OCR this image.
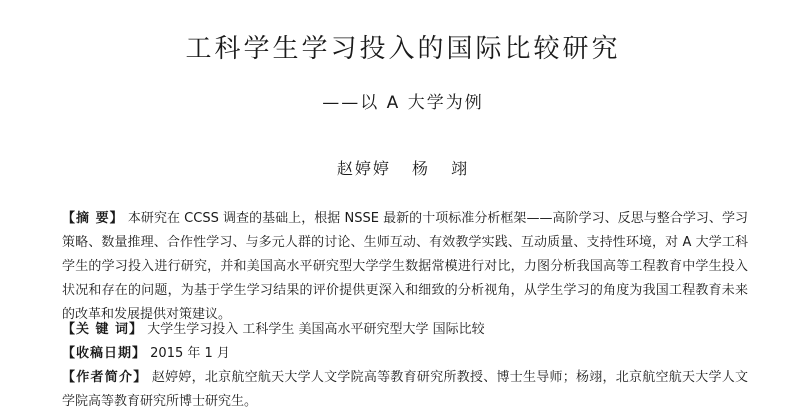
工科学生学习投入的国际比较研究
——以 A 大学为例
赵婷婷 杨 翊
【摘 要】 本研究在 CCSS 调查的基础上，根据 NSSE 最新的十项标准分析框架——高阶学习、反思与整合学习、学习策略、数量推理、合作性学习、与多元人群的讨论、生师互动、有效教学实践、互动质量、支持性环境，对 A 大学工科学生的学习投入进行研究，并和美国高水平研究型大学学生数据常模进行对比，力图分析我国高等工程教育中学生投入状况和存在的问题，为基于学生学习结果的评价提供更深入和细致的分析视角，从学生学习的角度为我国工程教育未来的改革和发展提供对策建议。
【关 键 词】 大学生学习投入 工科学生 美国高水平研究型大学 国际比较
【收稿日期】 2015 年 1 月
【作者简介】 赵婷婷，北京航空航天大学人文学院高等教育研究所教授、博士生导师；杨翊，北京航空航天大学人文学院高等教育研究所博士研究生。
